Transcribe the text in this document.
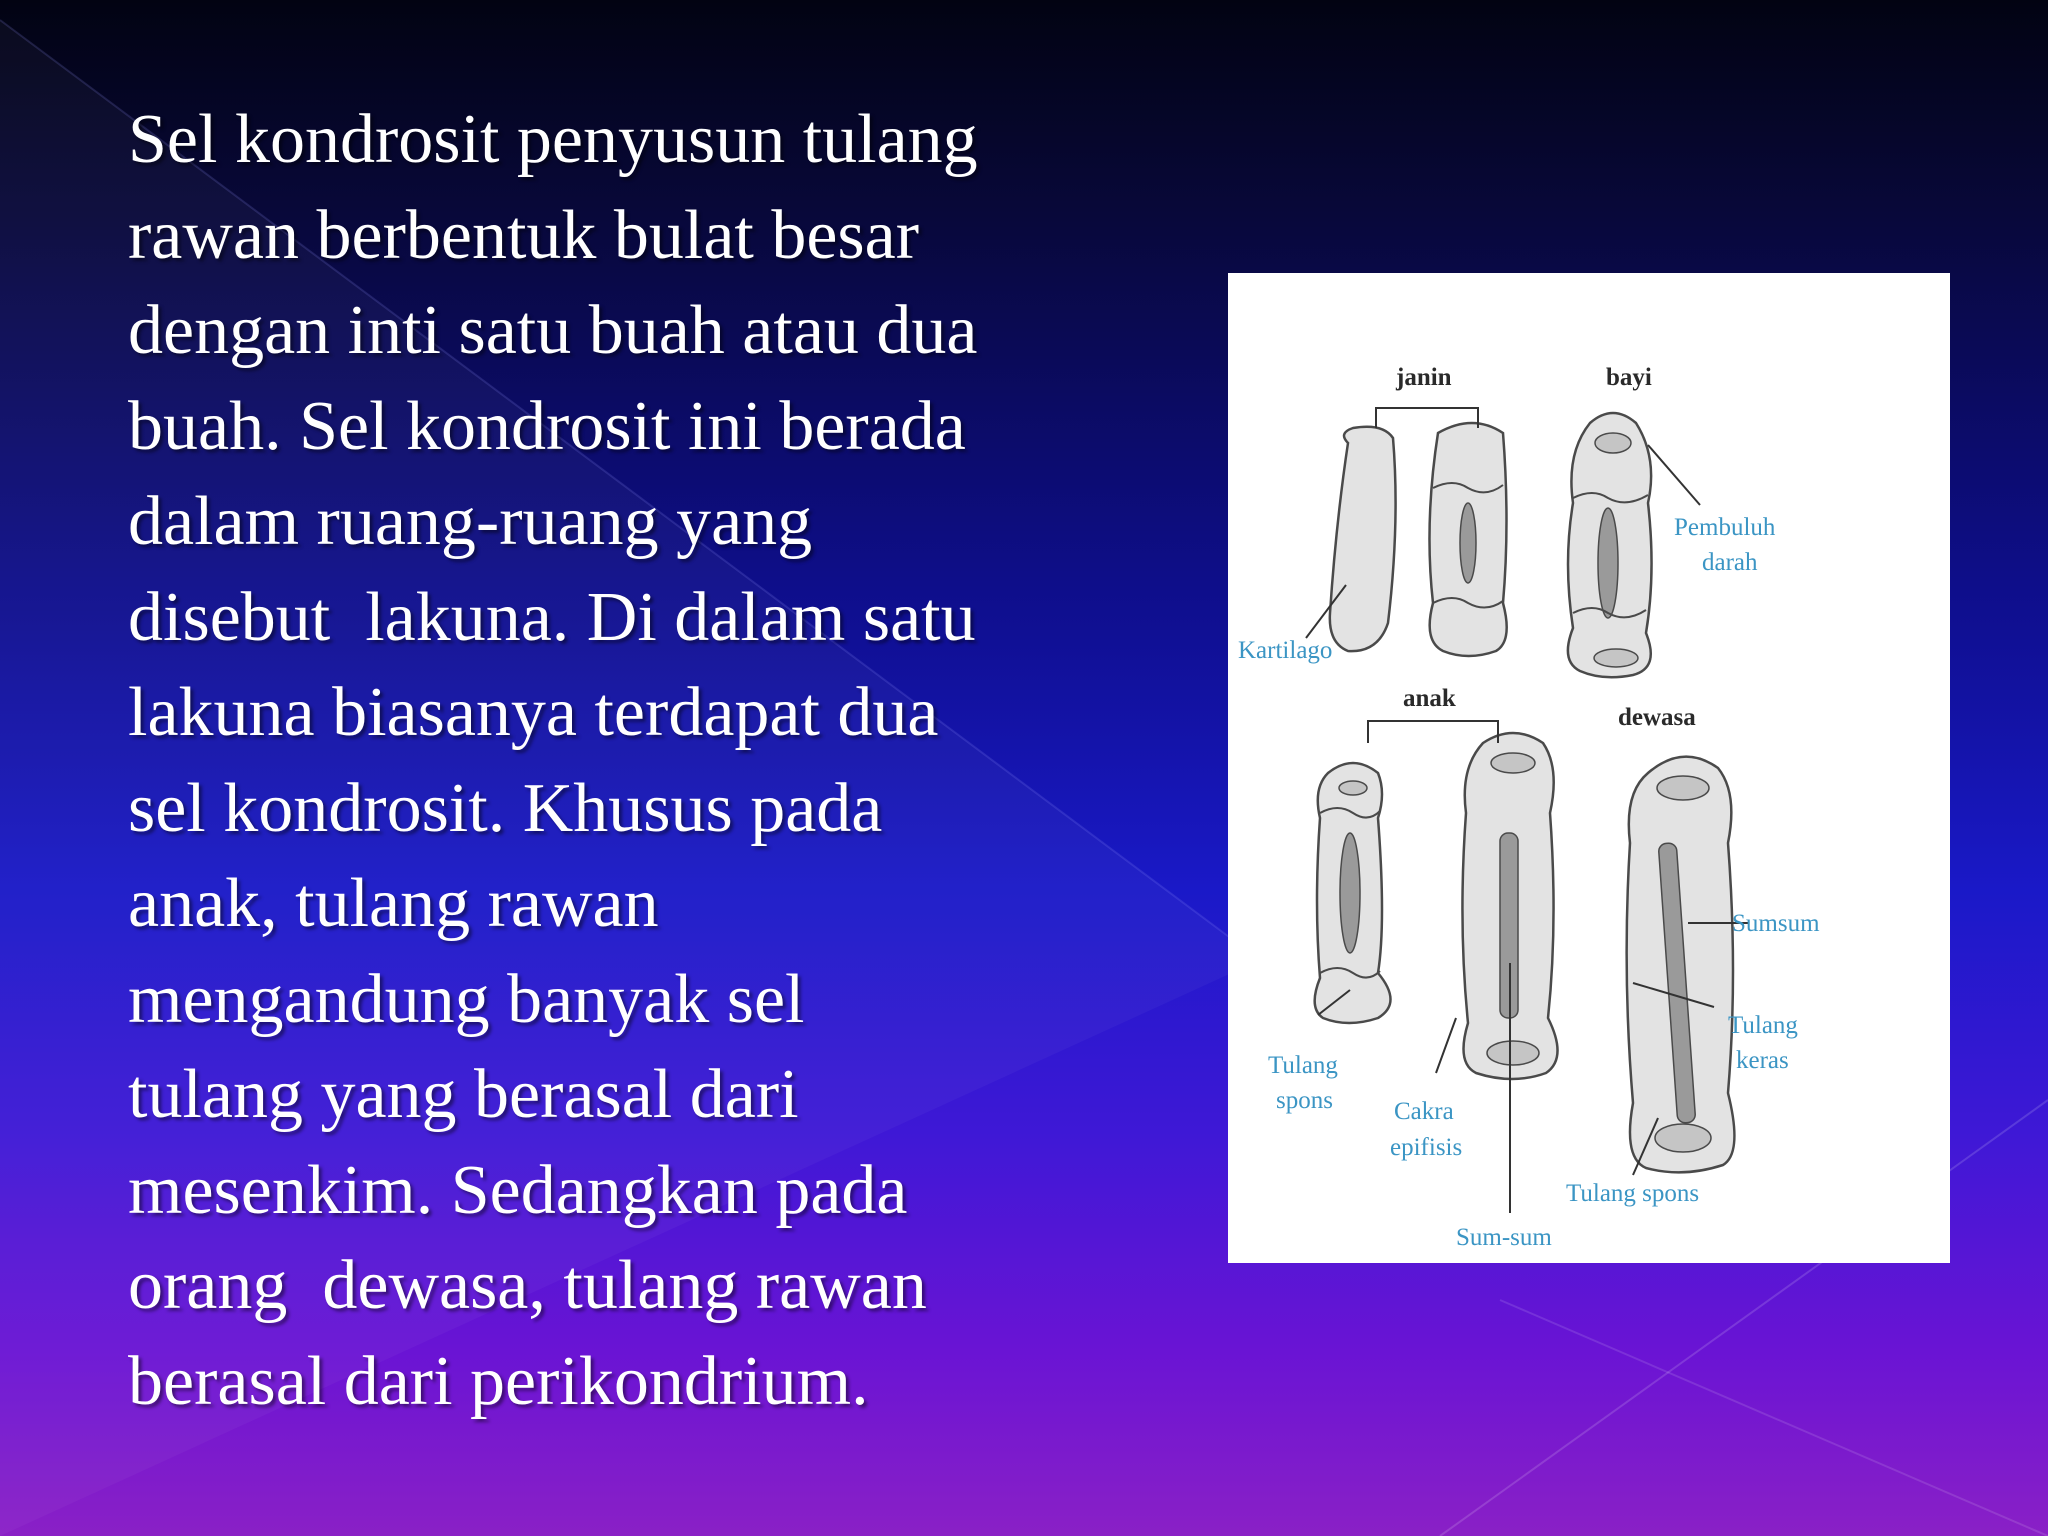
Sel kondrosit penyusun tulang
rawan berbentuk bulat besar
dengan inti satu buah atau dua
buah. Sel kondrosit ini berada
dalam ruang-ruang yang
disebut  lakuna. Di dalam satu
lakuna biasanya terdapat dua
sel kondrosit. Khusus pada
anak, tulang rawan
mengandung banyak sel
tulang yang berasal dari
mesenkim. Sedangkan pada
orang  dewasa, tulang rawan
berasal dari perikondrium.
janin	bayi
anak
dewasa
Kartilago
Pembuluh
darah
Sumsum
Tulang
keras
Tulang
spons Cakra
epifisis
Tulang spons
Sum-sum
